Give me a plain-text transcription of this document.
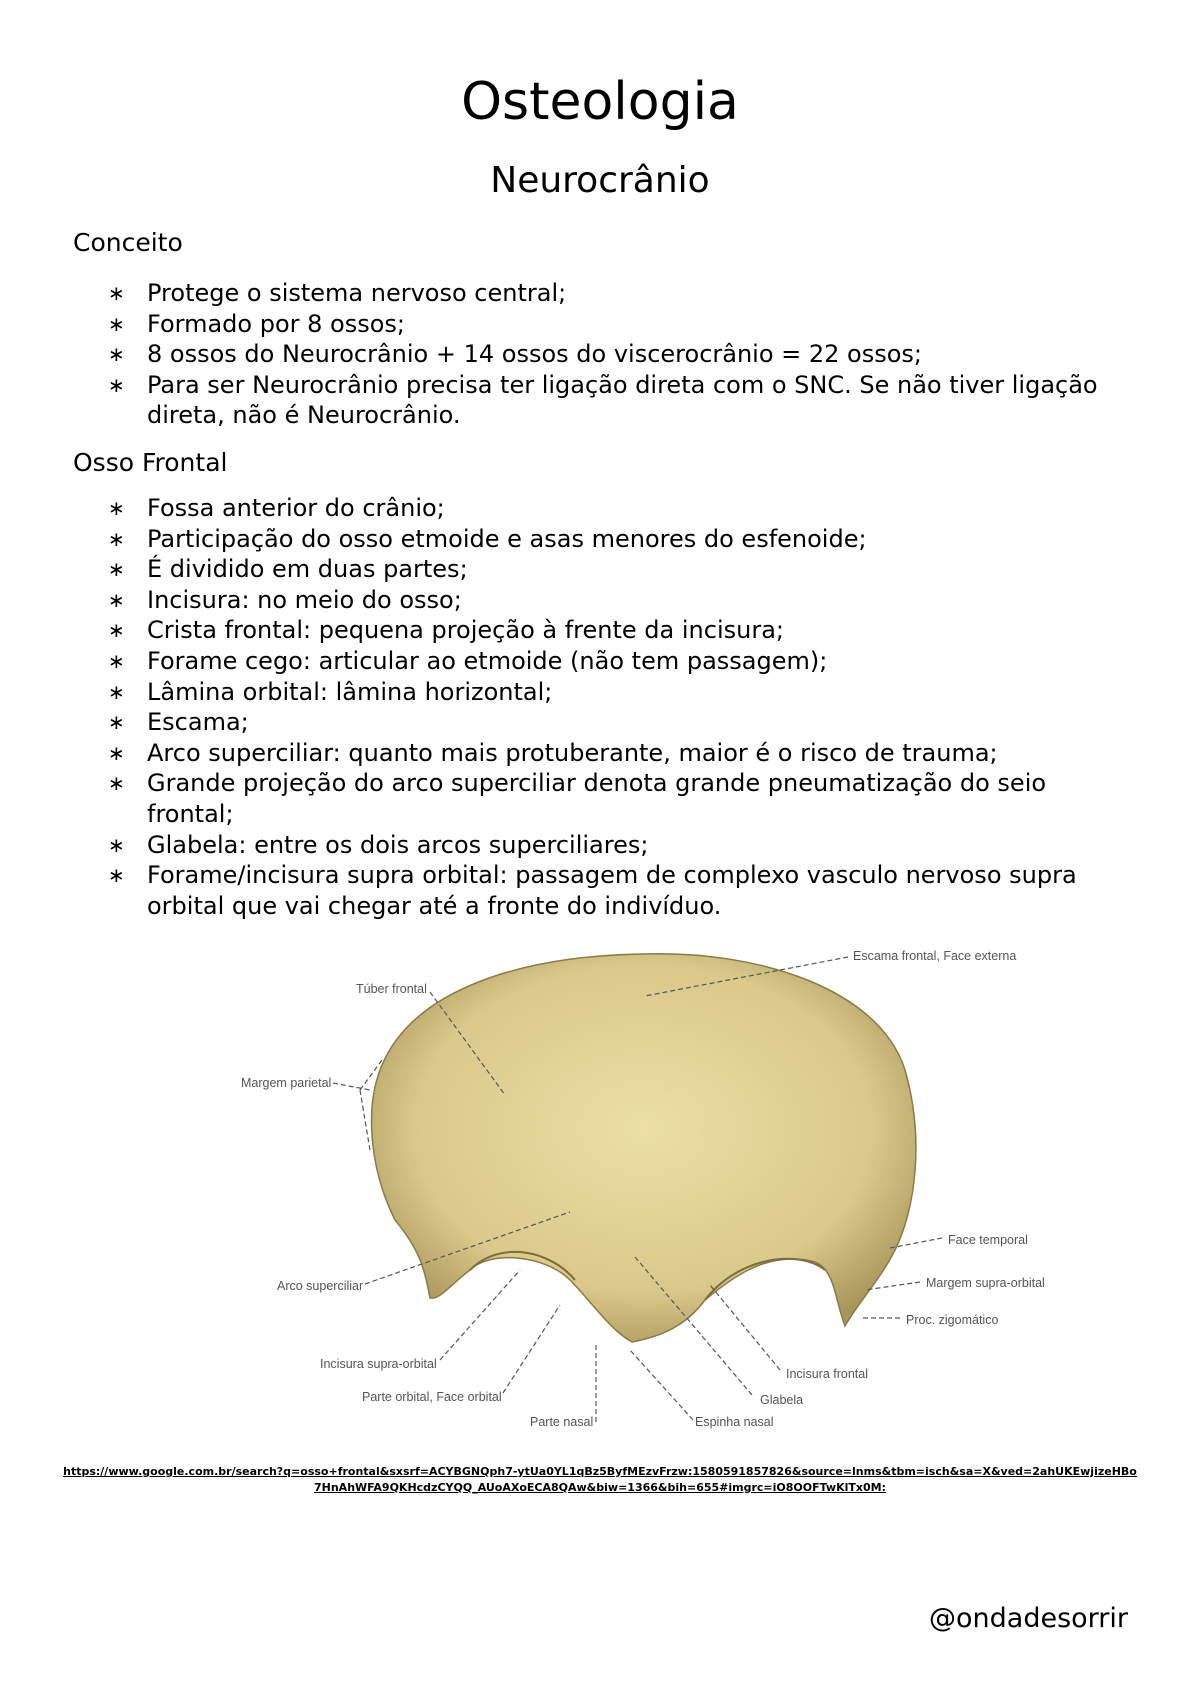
Osteologia
Neurocrânio
Conceito
∗ Protege o sistema nervoso central;
∗ Formado por 8 ossos;
∗ 8 ossos do Neurocrânio + 14 ossos do viscerocrânio = 22 ossos;
∗ Para ser Neurocrânio precisa ter ligação direta com o SNC. Se não tiver ligação direta, não é Neurocrânio.
Osso Frontal
∗ Fossa anterior do crânio;
∗ Participação do osso etmoide e asas menores do esfenoide;
∗ É dividido em duas partes;
∗ Incisura: no meio do osso;
∗ Crista frontal: pequena projeção à frente da incisura;
∗ Forame cego: articular ao etmoide (não tem passagem);
∗ Lâmina orbital: lâmina horizontal;
∗ Escama;
∗ Arco superciliar: quanto mais protuberante, maior é o risco de trauma;
∗ Grande projeção do arco superciliar denota grande pneumatização do seio frontal;
∗ Glabela: entre os dois arcos superciliares;
∗ Forame/incisura supra orbital: passagem de complexo vasculo nervoso supra orbital que vai chegar até a fronte do indivíduo.
Escama frontal, Face externa
Túber frontal
Margem parietal
Face temporal
Margem supra-orbital
Proc. zigomático
Arco superciliar
Incisura supra-orbital
Parte orbital, Face orbital
Incisura frontal
Glabela
Parte nasal	Espinha nasal
https://www.google.com.br/search?q=osso+frontal&sxsrf=ACYBGNQph7-ytUa0YL1qBz5ByfMEzvFrzw:1580591857826&source=lnms&tbm=isch&sa=X&ved=2ahUKEwjizeHBo7HnAhWFA9QKHcdzCYQQ_AUoAXoECA8QAw&biw=1366&bih=655#imgrc=iO8OOFTwKlTx0M:
@ondadesorrir
